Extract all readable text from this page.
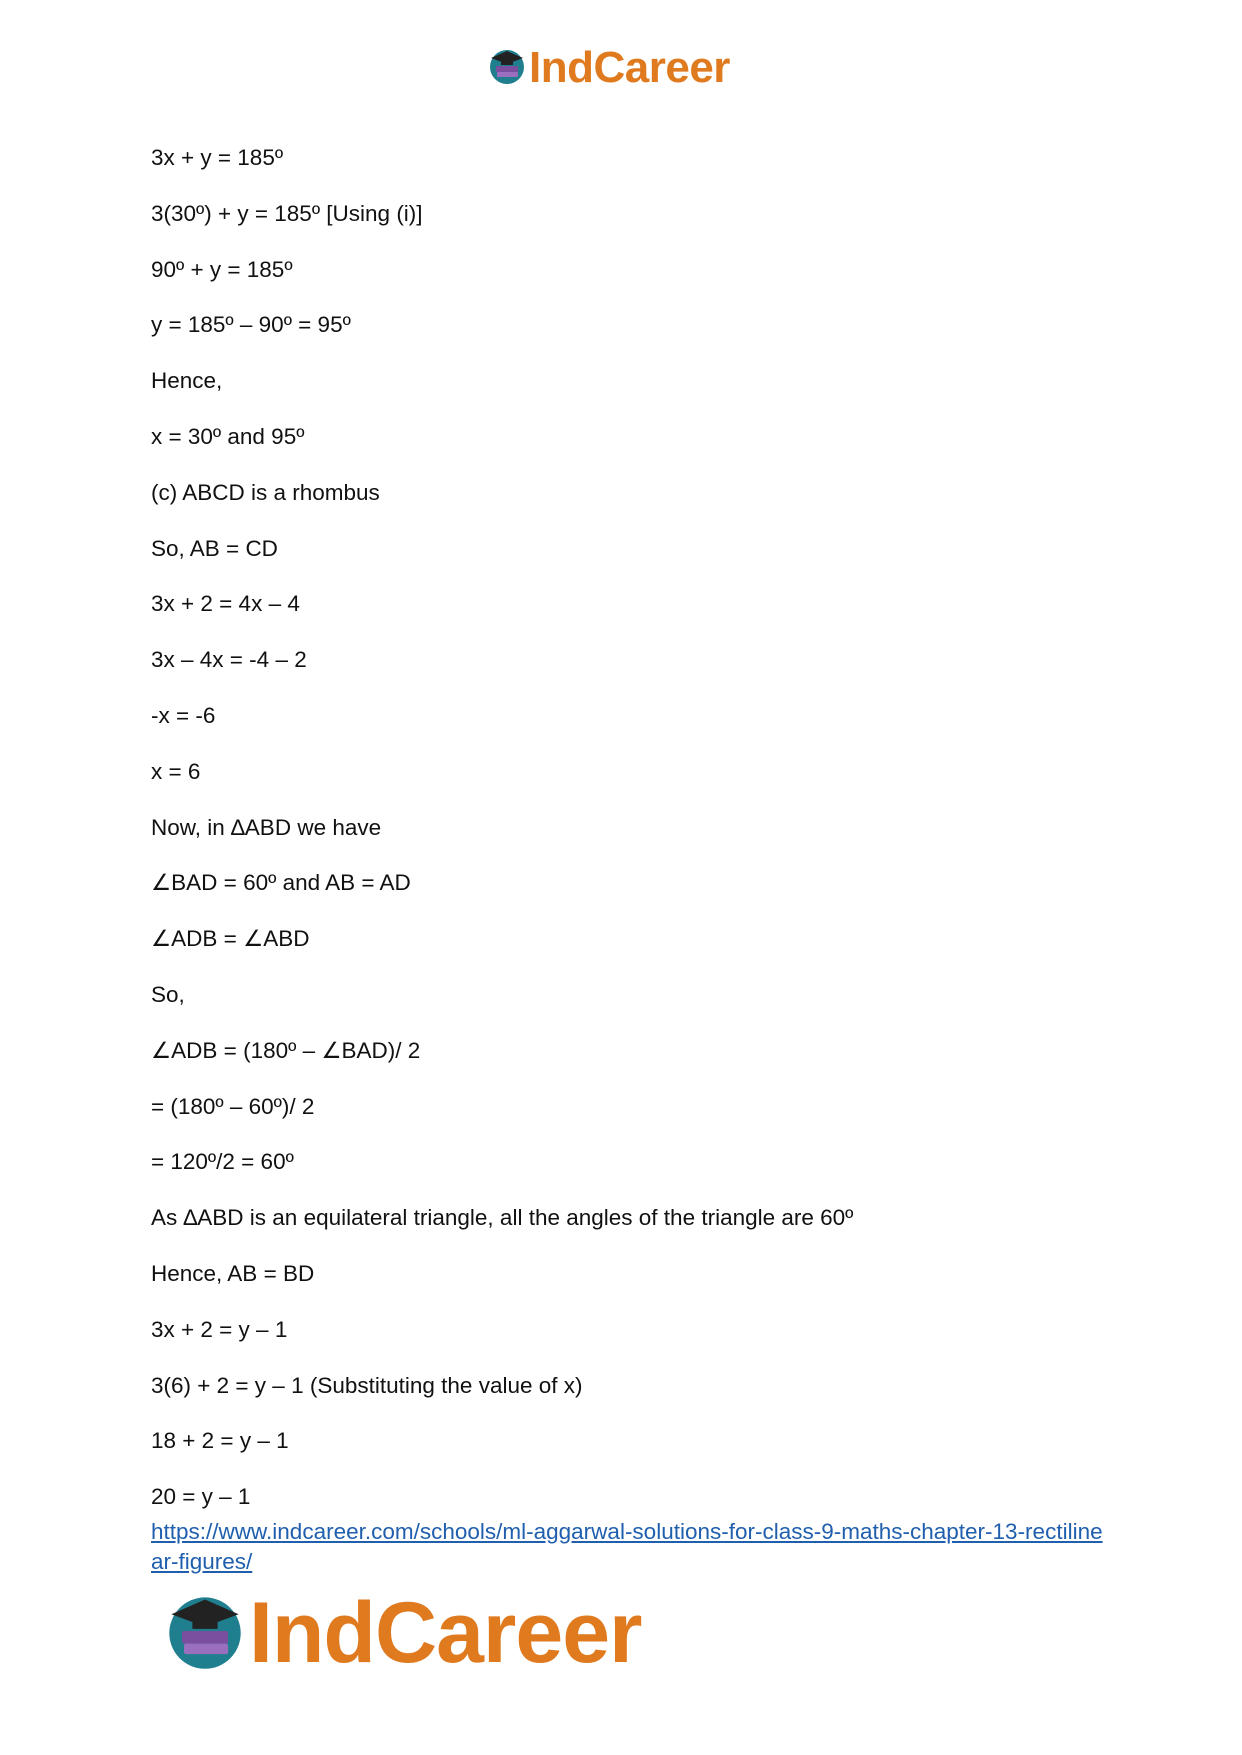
IndCareer
3x + y = 185º
3(30º) + y = 185º [Using (i)]
90º + y = 185º
y = 185º – 90º = 95º
Hence,
x = 30º and 95º
(c) ABCD is a rhombus
So, AB = CD
3x + 2 = 4x – 4
3x – 4x = -4 – 2
-x = -6
x = 6
Now, in ∆ABD we have
∠BAD = 60º and AB = AD
∠ADB = ∠ABD
So,
∠ADB = (180º – ∠BAD)/ 2
= (180º – 60º)/ 2
= 120º/2 = 60º
As ∆ABD is an equilateral triangle, all the angles of the triangle are 60º
Hence, AB = BD
3x + 2 = y – 1
3(6) + 2 = y – 1 (Substituting the value of x)
18 + 2 = y – 1
20 = y – 1
https://www.indcareer.com/schools/ml-aggarwal-solutions-for-class-9-maths-chapter-13-rectilinear-figures/
IndCareer
